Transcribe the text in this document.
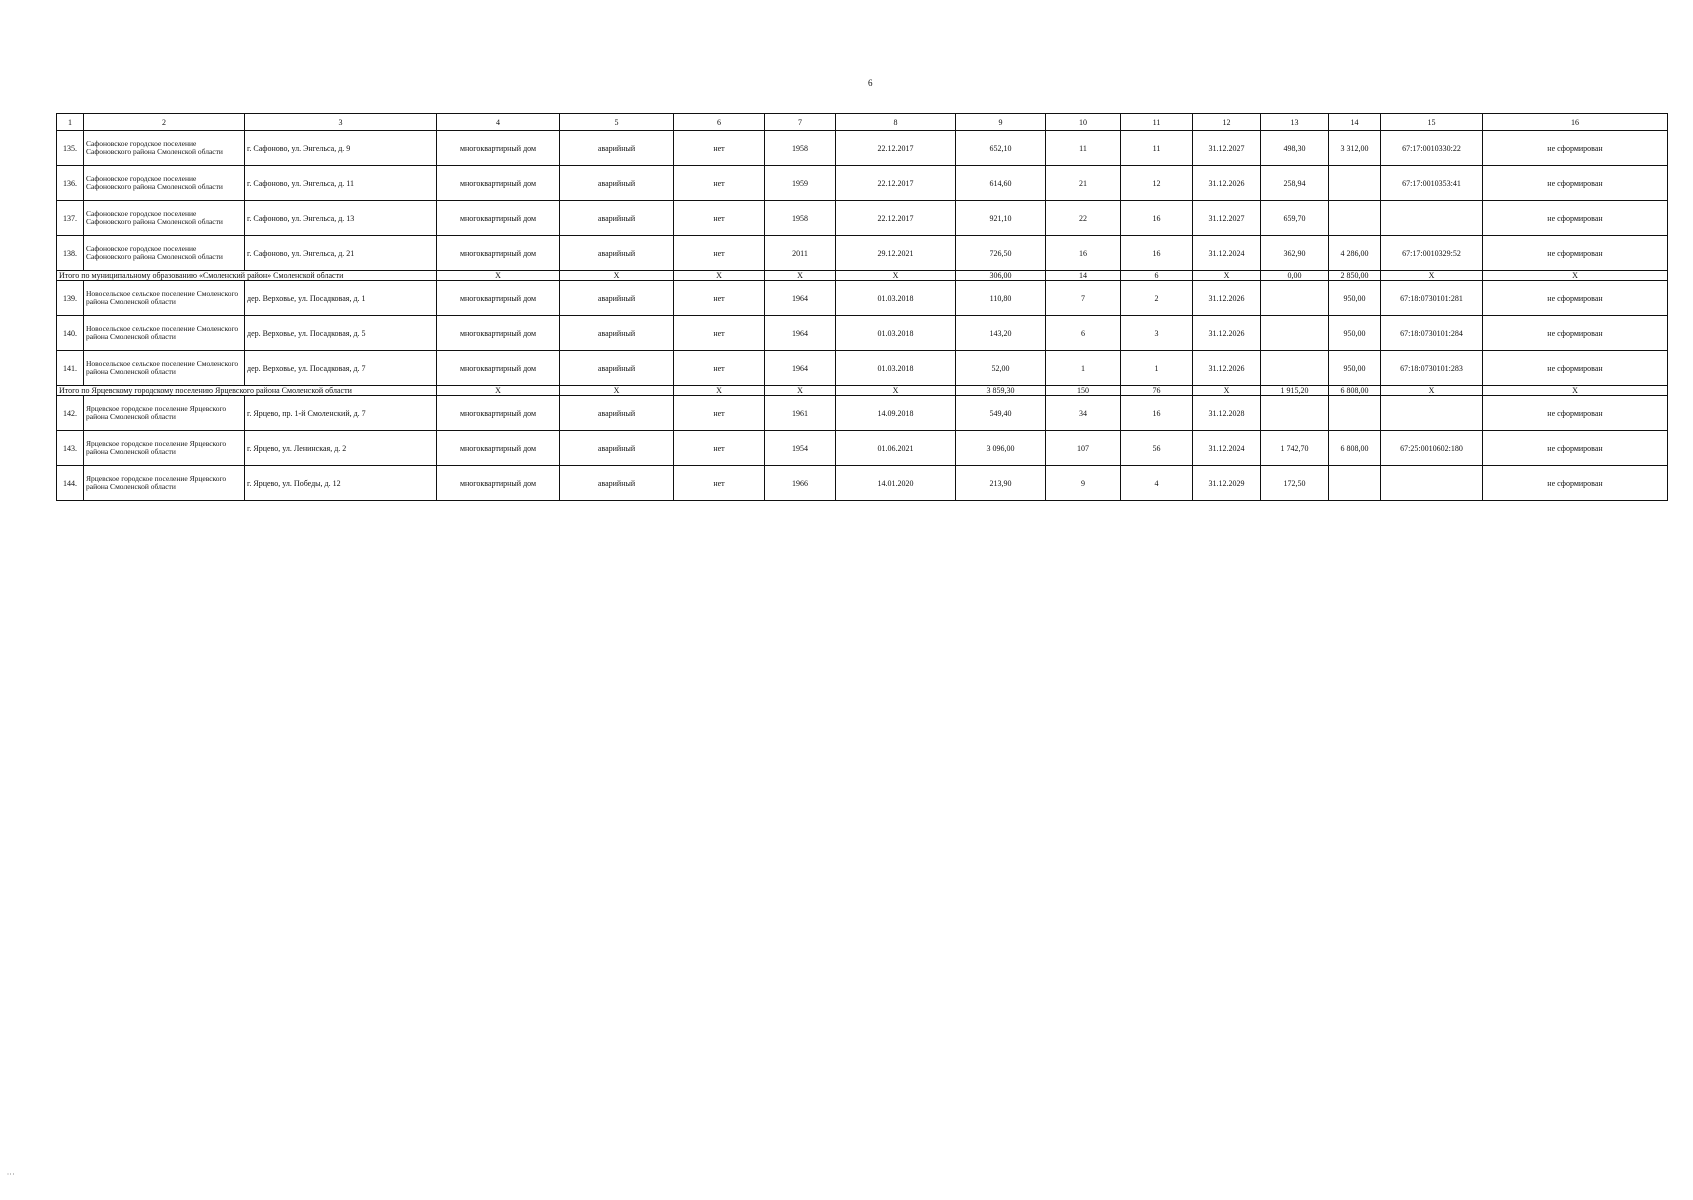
6
⋮
1	2	3	4	5	6	7	8	9	10	11	12	13	14	15	16
135.	Сафоновское городское поселение Сафоновского района Смоленской области	г. Сафоново, ул. Энгельса, д. 9	многоквартирный дом	аварийный	нет	1958	22.12.2017	652,10	11	11	31.12.2027	498,30	3 312,00	67:17:0010330:22	не сформирован
136.	Сафоновское городское поселение Сафоновского района Смоленской области	г. Сафоново, ул. Энгельса, д. 11	многоквартирный дом	аварийный	нет	1959	22.12.2017	614,60	21	12	31.12.2026	258,94		67:17:0010353:41	не сформирован
137.	Сафоновское городское поселение Сафоновского района Смоленской области	г. Сафоново, ул. Энгельса, д. 13	многоквартирный дом	аварийный	нет	1958	22.12.2017	921,10	22	16	31.12.2027	659,70			не сформирован
138.	Сафоновское городское поселение Сафоновского района Смоленской области	г. Сафоново, ул. Энгельса, д. 21	многоквартирный дом	аварийный	нет	2011	29.12.2021	726,50	16	16	31.12.2024	362,90	4 286,00	67:17:0010329:52	не сформирован
Итого по муниципальному образованию «Смоленский район» Смоленской области			Х	Х	Х	Х	Х	306,00	14	6	Х	0,00	2 850,00	Х	Х
139.	Новосельское сельское поселение Смоленского района Смоленской области	дер. Верховье, ул. Посадковая, д. 1	многоквартирный дом	аварийный	нет	1964	01.03.2018	110,80	7	2	31.12.2026		950,00	67:18:0730101:281	не сформирован
140.	Новосельское сельское поселение Смоленского района Смоленской области	дер. Верховье, ул. Посадковая, д. 5	многоквартирный дом	аварийный	нет	1964	01.03.2018	143,20	6	3	31.12.2026		950,00	67:18:0730101:284	не сформирован
141.	Новосельское сельское поселение Смоленского района Смоленской области	дер. Верховье, ул. Посадковая, д. 7	многоквартирный дом	аварийный	нет	1964	01.03.2018	52,00	1	1	31.12.2026		950,00	67:18:0730101:283	не сформирован
Итого по Ярцевскому городскому поселению Ярцевского района Смоленской области			Х	Х	Х	Х	Х	3 859,30	150	76	Х	1 915,20	6 808,00	Х	Х
142.	Ярцевское городское поселение Ярцевского района Смоленской области	г. Ярцево, пр. 1-й Смоленский, д. 7	многоквартирный дом	аварийный	нет	1961	14.09.2018	549,40	34	16	31.12.2028				не сформирован
143.	Ярцевское городское поселение Ярцевского района Смоленской области	г. Ярцево, ул. Ленинская, д. 2	многоквартирный дом	аварийный	нет	1954	01.06.2021	3 096,00	107	56	31.12.2024	1 742,70	6 808,00	67:25:0010602:180	не сформирован
144.	Ярцевское городское поселение Ярцевского района Смоленской области	г. Ярцево, ул. Победы, д. 12	многоквартирный дом	аварийный	нет	1966	14.01.2020	213,90	9	4	31.12.2029	172,50			не сформирован
